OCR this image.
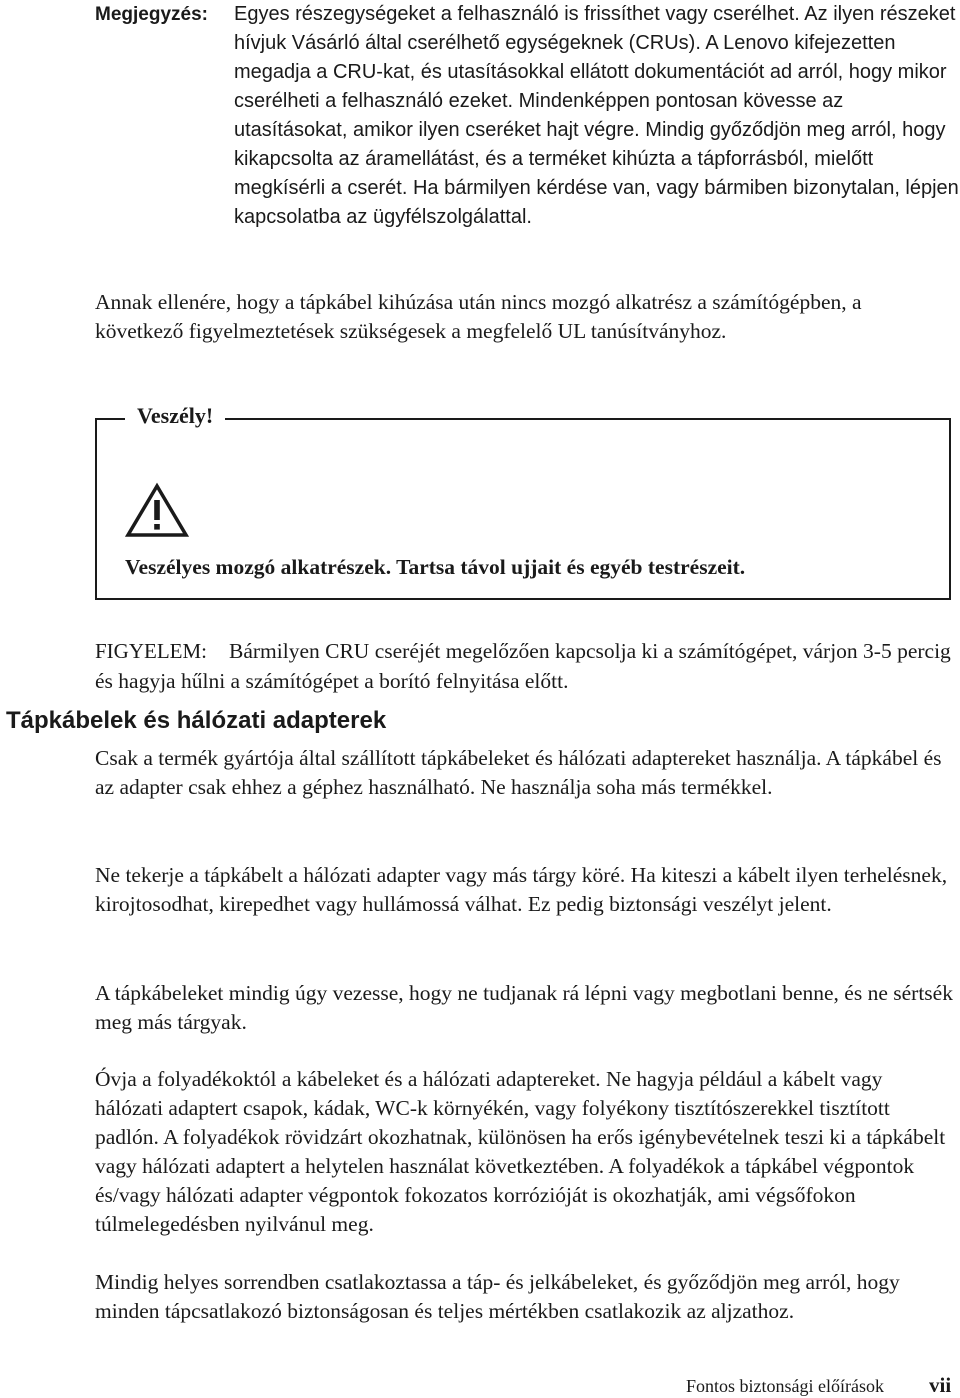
Megjegyzés:	Egyes részegységeket a felhasználó is frissíthet vagy cserélhet. Az ilyen részeket hívjuk Vásárló által cserélhető egységeknek (CRUs). A Lenovo kifejezetten megadja a CRU-kat, és utasításokkal ellátott dokumentációt ad arról, hogy mikor cserélheti a felhasználó ezeket. Mindenképpen pontosan kövesse az utasításokat, amikor ilyen cseréket hajt végre. Mindig győződjön meg arról, hogy kikapcsolta az áramellátást, és a terméket kihúzta a tápforrásból, mielőtt megkísérli a cserét. Ha bármilyen kérdése van, vagy bármiben bizonytalan, lépjen kapcsolatba az ügyfélszolgálattal.

Annak ellenére, hogy a tápkábel kihúzása után nincs mozgó alkatrész a számítógépben, a következő figyelmeztetések szükségesek a megfelelő UL tanúsítványhoz.

Veszély!
Veszélyes mozgó alkatrészek. Tartsa távol ujjait és egyéb testrészeit.

FIGYELEM: Bármilyen CRU cseréjét megelőzően kapcsolja ki a számítógépet, várjon 3-5 percig és hagyja hűlni a számítógépet a borító felnyitása előtt.

Tápkábelek és hálózati adapterek

Csak a termék gyártója által szállított tápkábeleket és hálózati adaptereket használja. A tápkábel és az adapter csak ehhez a géphez használható. Ne használja soha más termékkel.

Ne tekerje a tápkábelt a hálózati adapter vagy más tárgy köré. Ha kiteszi a kábelt ilyen terhelésnek, kirojtosodhat, kirepedhet vagy hullámossá válhat. Ez pedig biztonsági veszélyt jelent.

A tápkábeleket mindig úgy vezesse, hogy ne tudjanak rá lépni vagy megbotlani benne, és ne sértsék meg más tárgyak.

Óvja a folyadékoktól a kábeleket és a hálózati adaptereket. Ne hagyja például a kábelt vagy hálózati adaptert csapok, kádak, WC-k környékén, vagy folyékony tisztítószerekkel tisztított padlón. A folyadékok rövidzárt okozhatnak, különösen ha erős igénybevételnek teszi ki a tápkábelt vagy hálózati adaptert a helytelen használat következtében. A folyadékok a tápkábel végpontok és/vagy hálózati adapter végpontok fokozatos korrózióját is okozhatják, ami végsőfokon túlmelegedésben nyilvánul meg.

Mindig helyes sorrendben csatlakoztassa a táp- és jelkábeleket, és győződjön meg arról, hogy minden tápcsatlakozó biztonságosan és teljes mértékben csatlakozik az aljzathoz.

Fontos biztonsági előírások vii
